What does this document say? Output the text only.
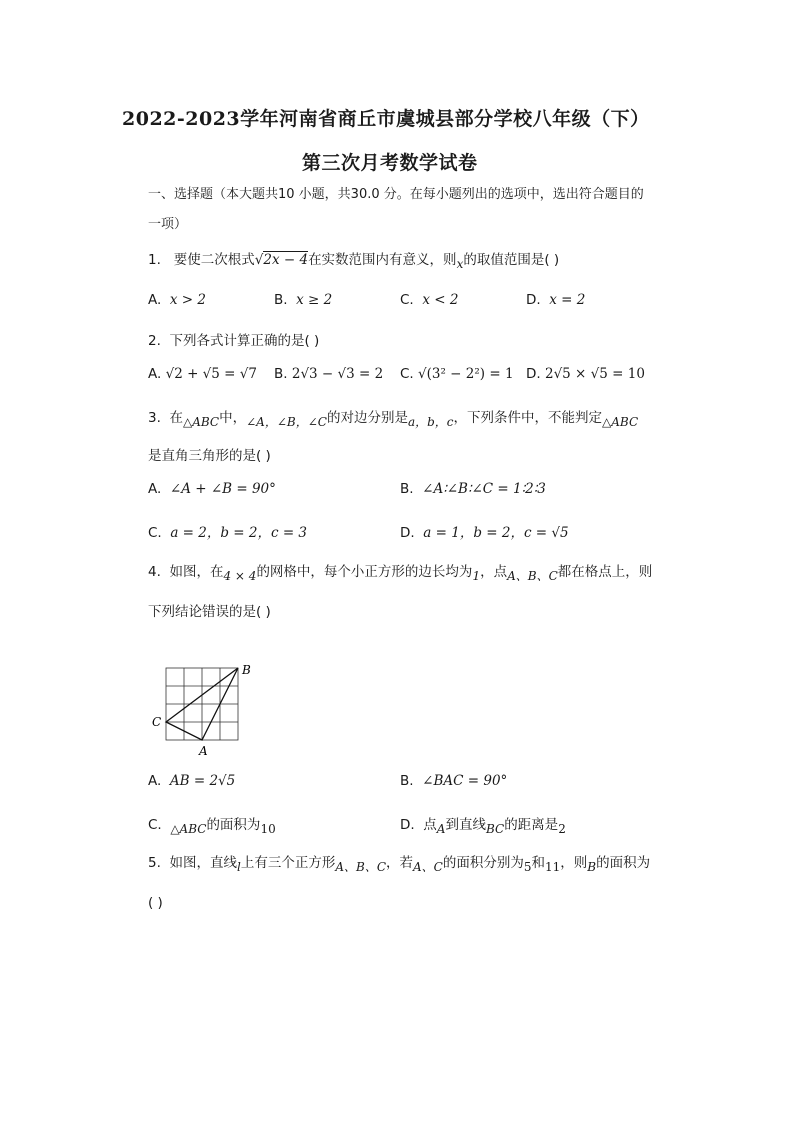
2022-2023学年河南省商丘市虞城县部分学校八年级（下）
第三次月考数学试卷
一、选择题（本大题共10 小题，共30.0 分。在每小题列出的选项中，选出符合题目的
一项）
1. 要使二次根式√2x − 4在实数范围内有意义，则$_x$的取值范围是( )
A. x > 2	B. x ≥ 2	C. x < 2	D. x = 2
2. 下列各式计算正确的是( )
A. √2 + √5 = √7 B. 2√3 − √3 = 2 C. √(3² − 2²) = 1 D. 2√5 × √5 = 10
3. 在$_{\triangle ABC}$中，$_{\angle A,\angle B,\angle C}$的对边分别是$_{a,b,c}$，下列条件中，不能判定$_{\triangle ABC}$
是直角三角形的是( )
A. ∠A + ∠B = 90°	B. ∠A∶∠B∶∠C = 1∶2∶3
C. a = 2，b = 2，c = 3	D. a = 1，b = 2，c = √5
4. 如图，在$_{4 \times 4}$的网格中，每个小正方形的边长均为$_1$，点$_{A、B、C}$都在格点上，则
下列结论错误的是( )
B
C
A
A. AB = 2√5	B. ∠BAC = 90°
C. $_{\triangle ABC}$的面积为$_{10}$	D. 点$_A$到直线$_{BC}$的距离是$_2$
5. 如图，直线$_l$上有三个正方形$_{A、B、C}$，若$_{A、C}$的面积分别为$_5$和$_{11}$，则$_B$的面积为
( )
